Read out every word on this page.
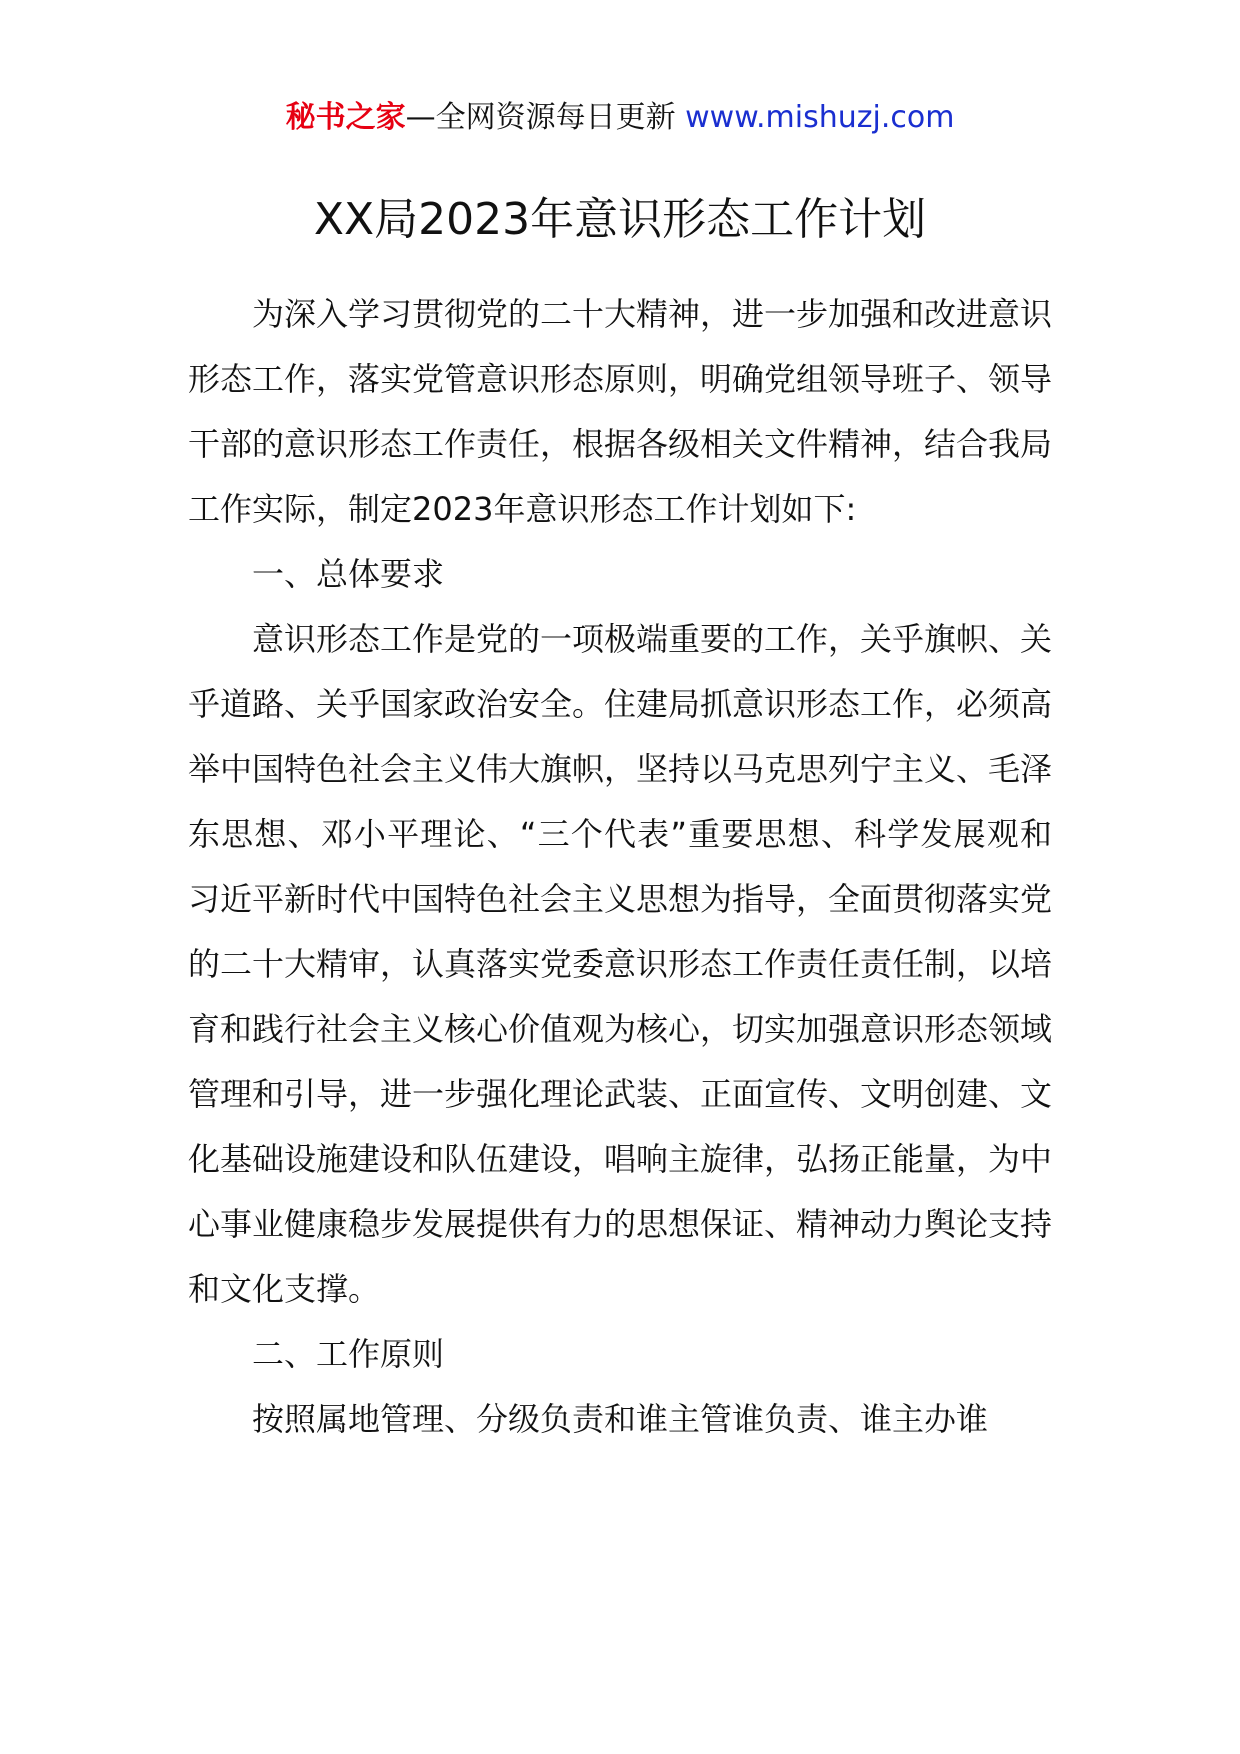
秘书之家—全网资源每日更新 www.mishuzj.com
XX局2023年意识形态工作计划

为深入学习贯彻党的二十大精神，进一步加强和改进意识形态工作，落实党管意识形态原则，明确党组领导班子、领导干部的意识形态工作责任，根据各级相关文件精神，结合我局工作实际，制定2023年意识形态工作计划如下:

一、总体要求

意识形态工作是党的一项极端重要的工作，关乎旗帜、关乎道路、关乎国家政治安全。住建局抓意识形态工作，必须高举中国特色社会主义伟大旗帜，坚持以马克思列宁主义、毛泽东思想、邓小平理论、“三个代表”重要思想、科学发展观和习近平新时代中国特色社会主义思想为指导，全面贯彻落实党的二十大精审，认真落实党委意识形态工作责任责任制，以培育和践行社会主义核心价值观为核心，切实加强意识形态领域管理和引导，进一步强化理论武装、正面宣传、文明创建、文化基础设施建设和队伍建设，唱响主旋律，弘扬正能量，为中心事业健康稳步发展提供有力的思想保证、精神动力舆论支持和文化支撑。

二、工作原则

按照属地管理、分级负责和谁主管谁负责、谁主办谁
